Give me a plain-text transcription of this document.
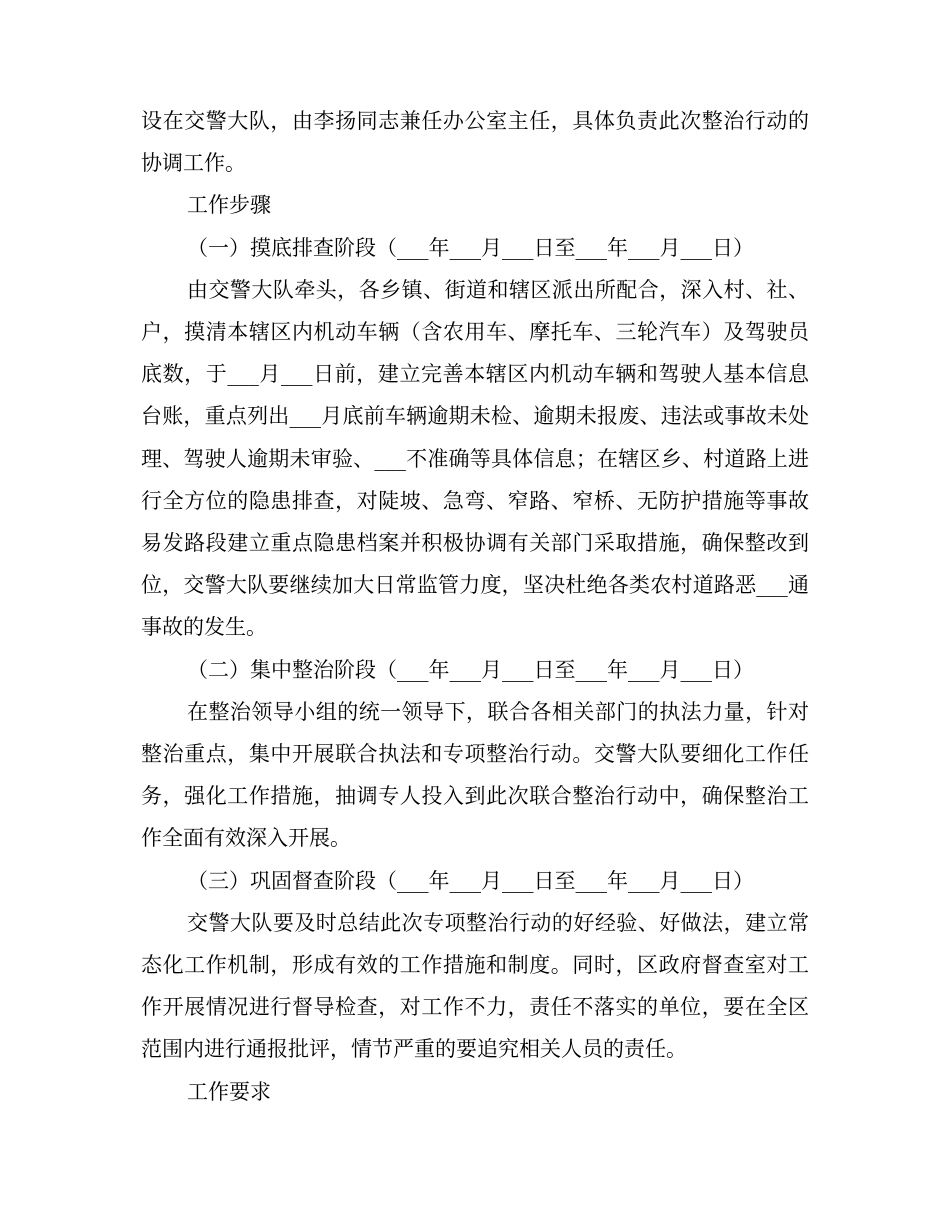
设在交警大队，由李扬同志兼任办公室主任，具体负责此次整治行动的协调工作。

工作步骤

（一）摸底排查阶段（___年___月___日至___年___月___日）

由交警大队牵头，各乡镇、街道和辖区派出所配合，深入村、社、户，摸清本辖区内机动车辆（含农用车、摩托车、三轮汽车）及驾驶员底数，于___月___日前，建立完善本辖区内机动车辆和驾驶人基本信息台账，重点列出___月底前车辆逾期未检、逾期未报废、违法或事故未处理、驾驶人逾期未审验、___不准确等具体信息；在辖区乡、村道路上进行全方位的隐患排查，对陡坡、急弯、窄路、窄桥、无防护措施等事故易发路段建立重点隐患档案并积极协调有关部门采取措施，确保整改到位，交警大队要继续加大日常监管力度，坚决杜绝各类农村道路恶___通事故的发生。

（二）集中整治阶段（___年___月___日至___年___月___日）

在整治领导小组的统一领导下，联合各相关部门的执法力量，针对整治重点，集中开展联合执法和专项整治行动。交警大队要细化工作任务，强化工作措施，抽调专人投入到此次联合整治行动中，确保整治工作全面有效深入开展。

（三）巩固督查阶段（___年___月___日至___年___月___日）

交警大队要及时总结此次专项整治行动的好经验、好做法，建立常态化工作机制，形成有效的工作措施和制度。同时，区政府督查室对工作开展情况进行督导检查，对工作不力，责任不落实的单位，要在全区范围内进行通报批评，情节严重的要追究相关人员的责任。

工作要求
